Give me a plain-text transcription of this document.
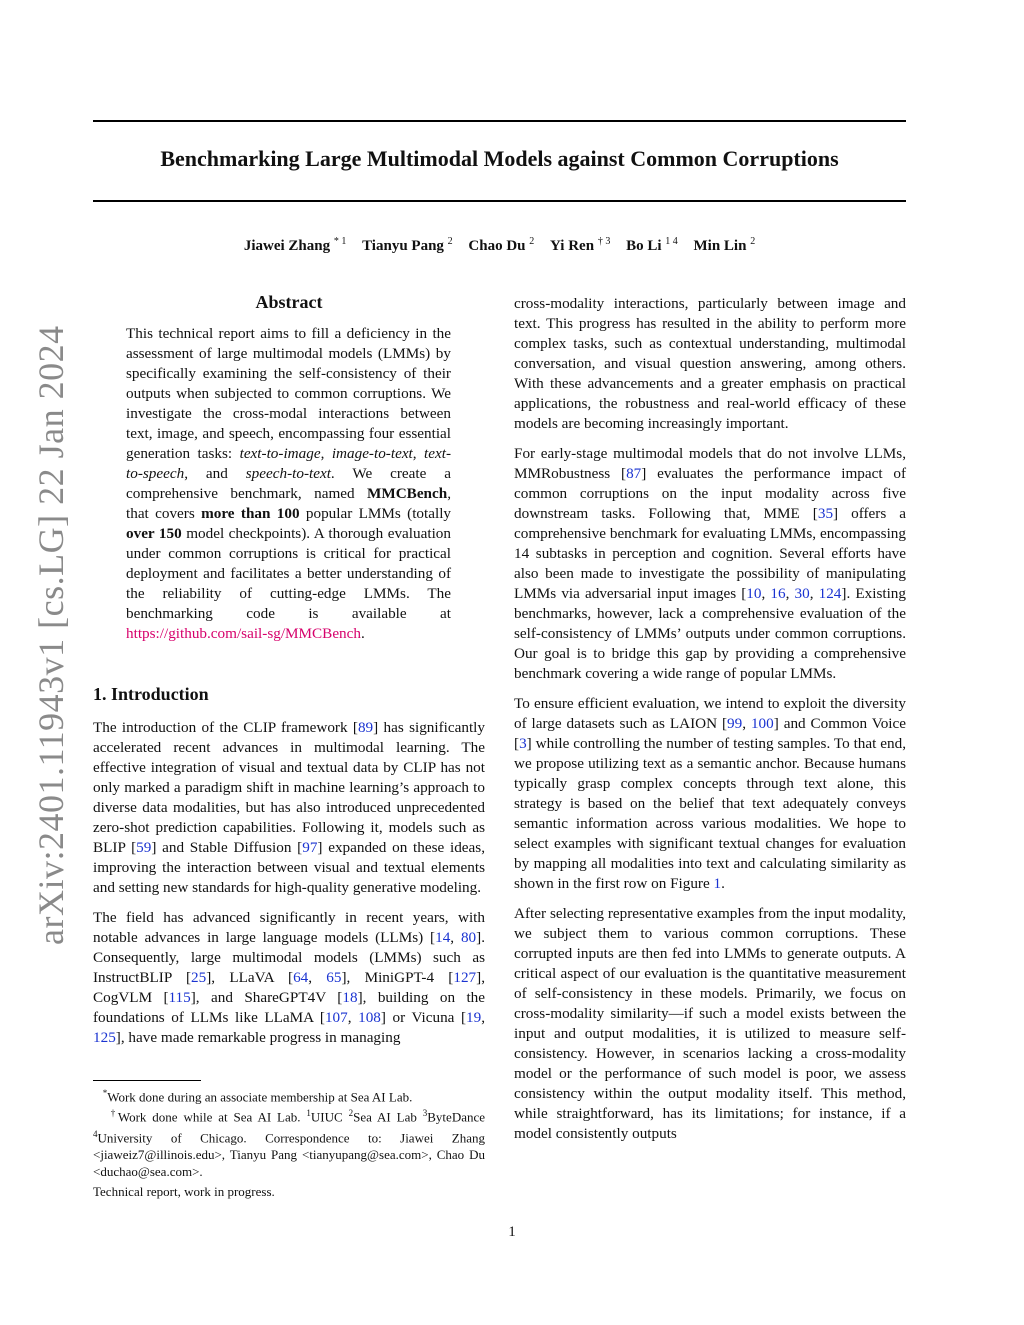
Benchmarking Large Multimodal Models against Common Corruptions
Jiawei Zhang $^{* 1}$ Tianyu Pang $^2$ Chao Du $^2$ Yi Ren $^{\dagger 3}$ Bo Li $^{1 4}$ Min Lin $^2$
arXiv:2401.11943v1 [cs.LG] 22 Jan 2024
Abstract
This technical report aims to fill a deficiency in the assessment of large multimodal models (LMMs) by specifically examining the self-consistency of their outputs when subjected to common corruptions. We investigate the cross-modal interactions between text, image, and speech, encompassing four essential generation tasks: text-to-image, image-to-text, text-to-speech, and speech-to-text. We create a comprehensive benchmark, named MMCBench, that covers more than 100 popular LMMs (totally over 150 model checkpoints). A thorough evaluation under common corruptions is critical for practical deployment and facilitates a better understanding of the reliability of cutting-edge LMMs. The benchmarking code is available at https://github.com/sail-sg/MMCBench.
1. Introduction

The introduction of the CLIP framework [89] has significantly accelerated recent advances in multimodal learning. The effective integration of visual and textual data by CLIP has not only marked a paradigm shift in machine learning’s approach to diverse data modalities, but has also introduced unprecedented zero-shot prediction capabilities. Following it, models such as BLIP [59] and Stable Diffusion [97] expanded on these ideas, improving the interaction between visual and textual elements and setting new standards for high-quality generative modeling.

The field has advanced significantly in recent years, with notable advances in large language models (LLMs) [14, 80]. Consequently, large multimodal models (LMMs) such as InstructBLIP [25], LLaVA [64, 65], MiniGPT-4 [127], CogVLM [115], and ShareGPT4V [18], building on the foundations of LLMs like LLaMA [107, 108] or Vicuna [19, 125], have made remarkable progress in managing

*Work done during an associate membership at Sea AI Lab.

†Work done while at Sea AI Lab. $^1$UIUC $^2$Sea AI Lab $^3$ByteDance $^4$University of Chicago. Correspondence to: Jiawei Zhang <jiaweiz7@illinois.edu>, Tianyu Pang <tianyupang@sea.com>, Chao Du <duchao@sea.com>.

Technical report, work in progress.

cross-modality interactions, particularly between image and text. This progress has resulted in the ability to perform more complex tasks, such as contextual understanding, multimodal conversation, and visual question answering, among others. With these advancements and a greater emphasis on practical applications, the robustness and real-world efficacy of these models are becoming increasingly important.

For early-stage multimodal models that do not involve LLMs, MMRobustness [87] evaluates the performance impact of common corruptions on the input modality across five downstream tasks. Following that, MME [35] offers a comprehensive benchmark for evaluating LMMs, encompassing 14 subtasks in perception and cognition. Several efforts have also been made to investigate the possibility of manipulating LMMs via adversarial input images [10, 16, 30, 124]. Existing benchmarks, however, lack a comprehensive evaluation of the self-consistency of LMMs’ outputs under common corruptions. Our goal is to bridge this gap by providing a comprehensive benchmark covering a wide range of popular LMMs.

To ensure efficient evaluation, we intend to exploit the diversity of large datasets such as LAION [99, 100] and Common Voice [3] while controlling the number of testing samples. To that end, we propose utilizing text as a semantic anchor. Because humans typically grasp complex concepts through text alone, this strategy is based on the belief that text adequately conveys semantic information across various modalities. We hope to select examples with significant textual changes for evaluation by mapping all modalities into text and calculating similarity as shown in the first row on Figure 1.

After selecting representative examples from the input modality, we subject them to various common corruptions. These corrupted inputs are then fed into LMMs to generate outputs. A critical aspect of our evaluation is the quantitative measurement of self-consistency in these models. Primarily, we focus on cross-modality similarity—if such a model exists between the input and output modalities, it is utilized to measure self-consistency. However, in scenarios lacking a cross-modality model or the performance of such model is poor, we assess consistency within the output modality itself. This method, while straightforward, has its limitations; for instance, if a model consistently outputs

1
